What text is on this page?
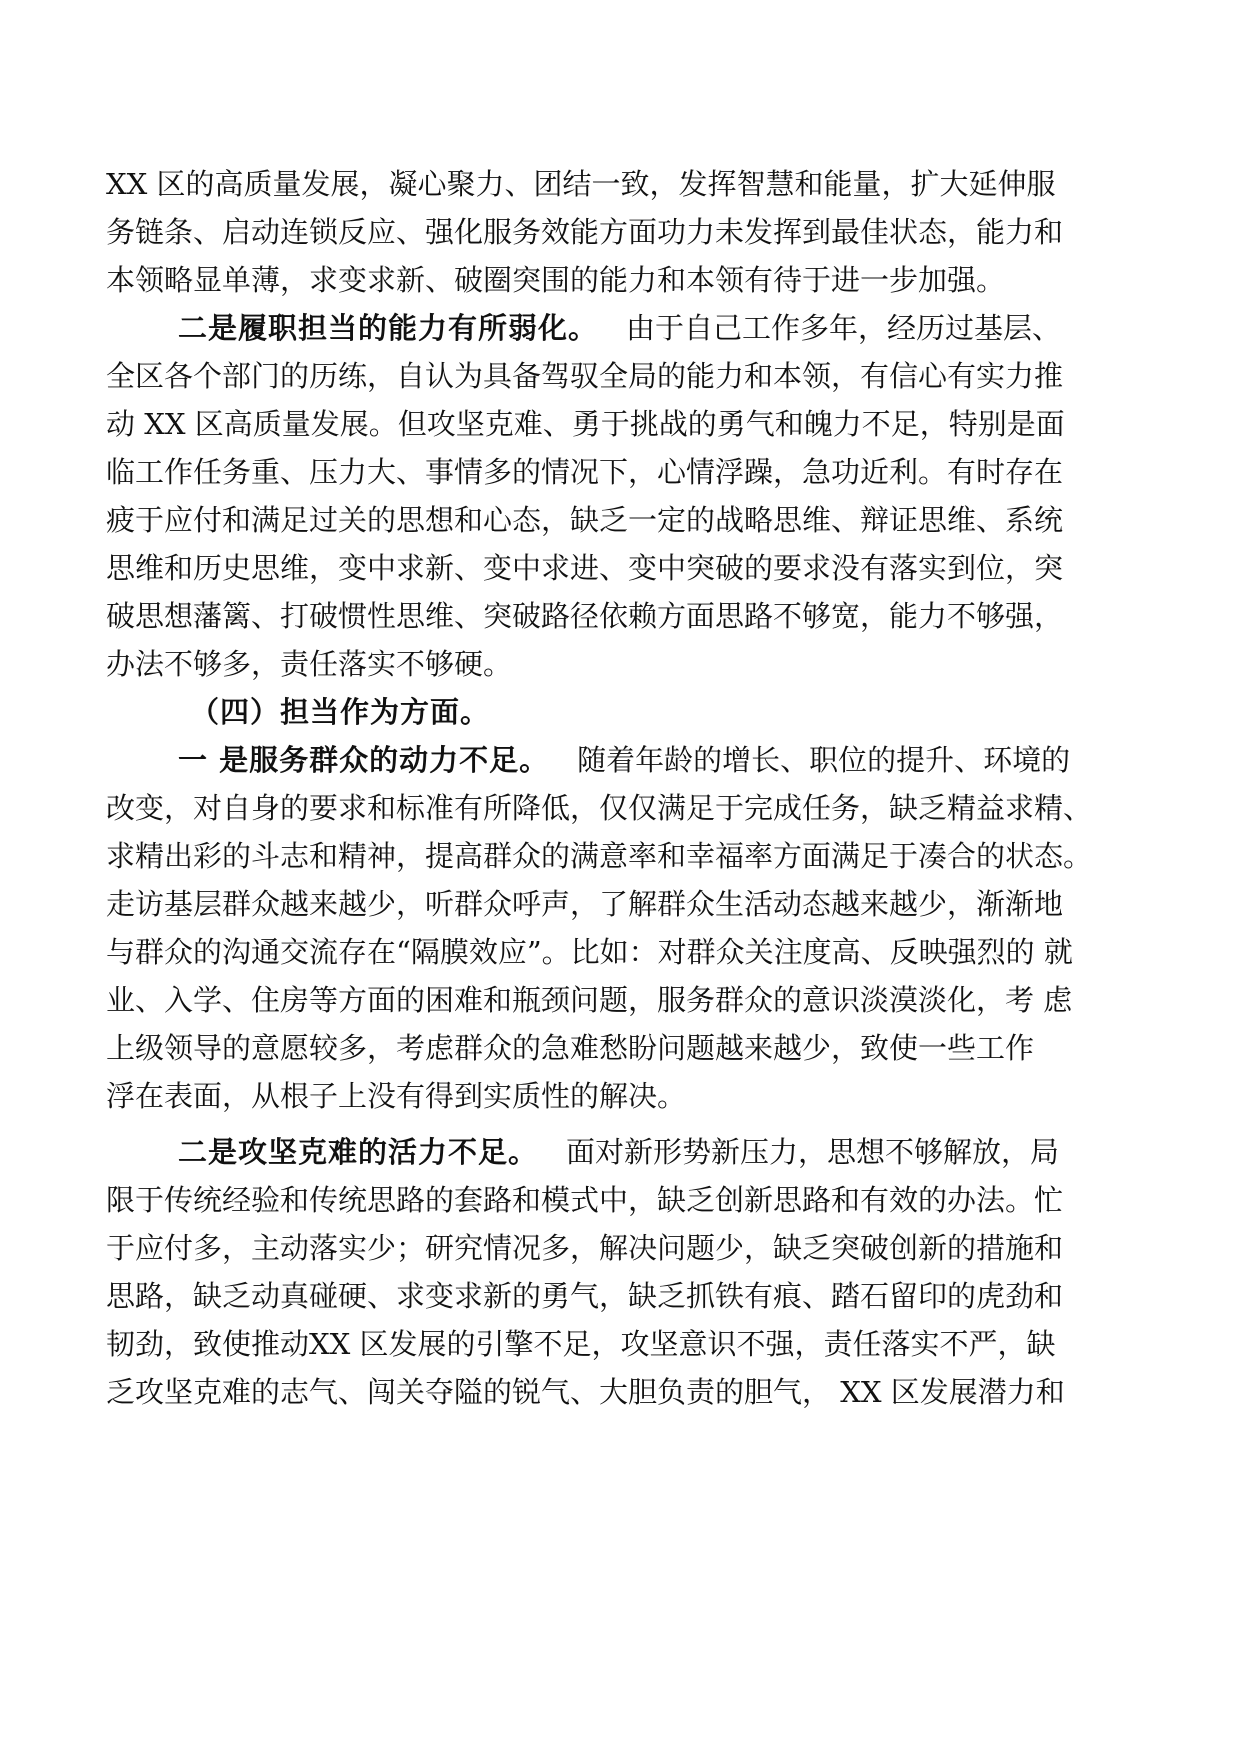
XX 区的高质量发展，凝心聚力、团结一致，发挥智慧和能量，扩大延伸服
务链条、启动连锁反应、强化服务效能方面功力未发挥到最佳状态，能力和
本领略显单薄，求变求新、破圈突围的能力和本领有待于进一步加强。
二是履职担当的能力有所弱化。 由于自己工作多年，经历过基层、
全区各个部门的历练，自认为具备驾驭全局的能力和本领，有信心有实力推
动 XX 区高质量发展。但攻坚克难、勇于挑战的勇气和魄力不足，特别是面
临工作任务重、压力大、事情多的情况下，心情浮躁，急功近利。有时存在
疲于应付和满足过关的思想和心态，缺乏一定的战略思维、辩证思维、系统
思维和历史思维，变中求新、变中求进、变中突破的要求没有落实到位，突
破思想藩篱、打破惯性思维、突破路径依赖方面思路不够宽，能力不够强，
办法不够多，责任落实不够硬。
（四）担当作为方面。
一 是服务群众的动力不足。 随着年龄的增长、职位的提升、环境的
改变，对自身的要求和标准有所降低，仅仅满足于完成任务，缺乏精益求精、
求精出彩的斗志和精神，提高群众的满意率和幸福率方面满足于凑合的状态。
走访基层群众越来越少，听群众呼声，了解群众生活动态越来越少，渐渐地
与群众的沟通交流存在“隔膜效应”。比如：对群众关注度高、反映强烈的 就
业、入学、住房等方面的困难和瓶颈问题，服务群众的意识淡漠淡化，考 虑
上级领导的意愿较多，考虑群众的急难愁盼问题越来越少，致使一些工作
浮在表面，从根子上没有得到实质性的解决。
二是攻坚克难的活力不足。 面对新形势新压力，思想不够解放，局
限于传统经验和传统思路的套路和模式中，缺乏创新思路和有效的办法。忙
于应付多，主动落实少；研究情况多，解决问题少，缺乏突破创新的措施和
思路，缺乏动真碰硬、求变求新的勇气，缺乏抓铁有痕、踏石留印的虎劲和
韧劲，致使推动XX 区发展的引擎不足，攻坚意识不强，责任落实不严，缺
乏攻坚克难的志气、闯关夺隘的锐气、大胆负责的胆气， XX 区发展潜力和
